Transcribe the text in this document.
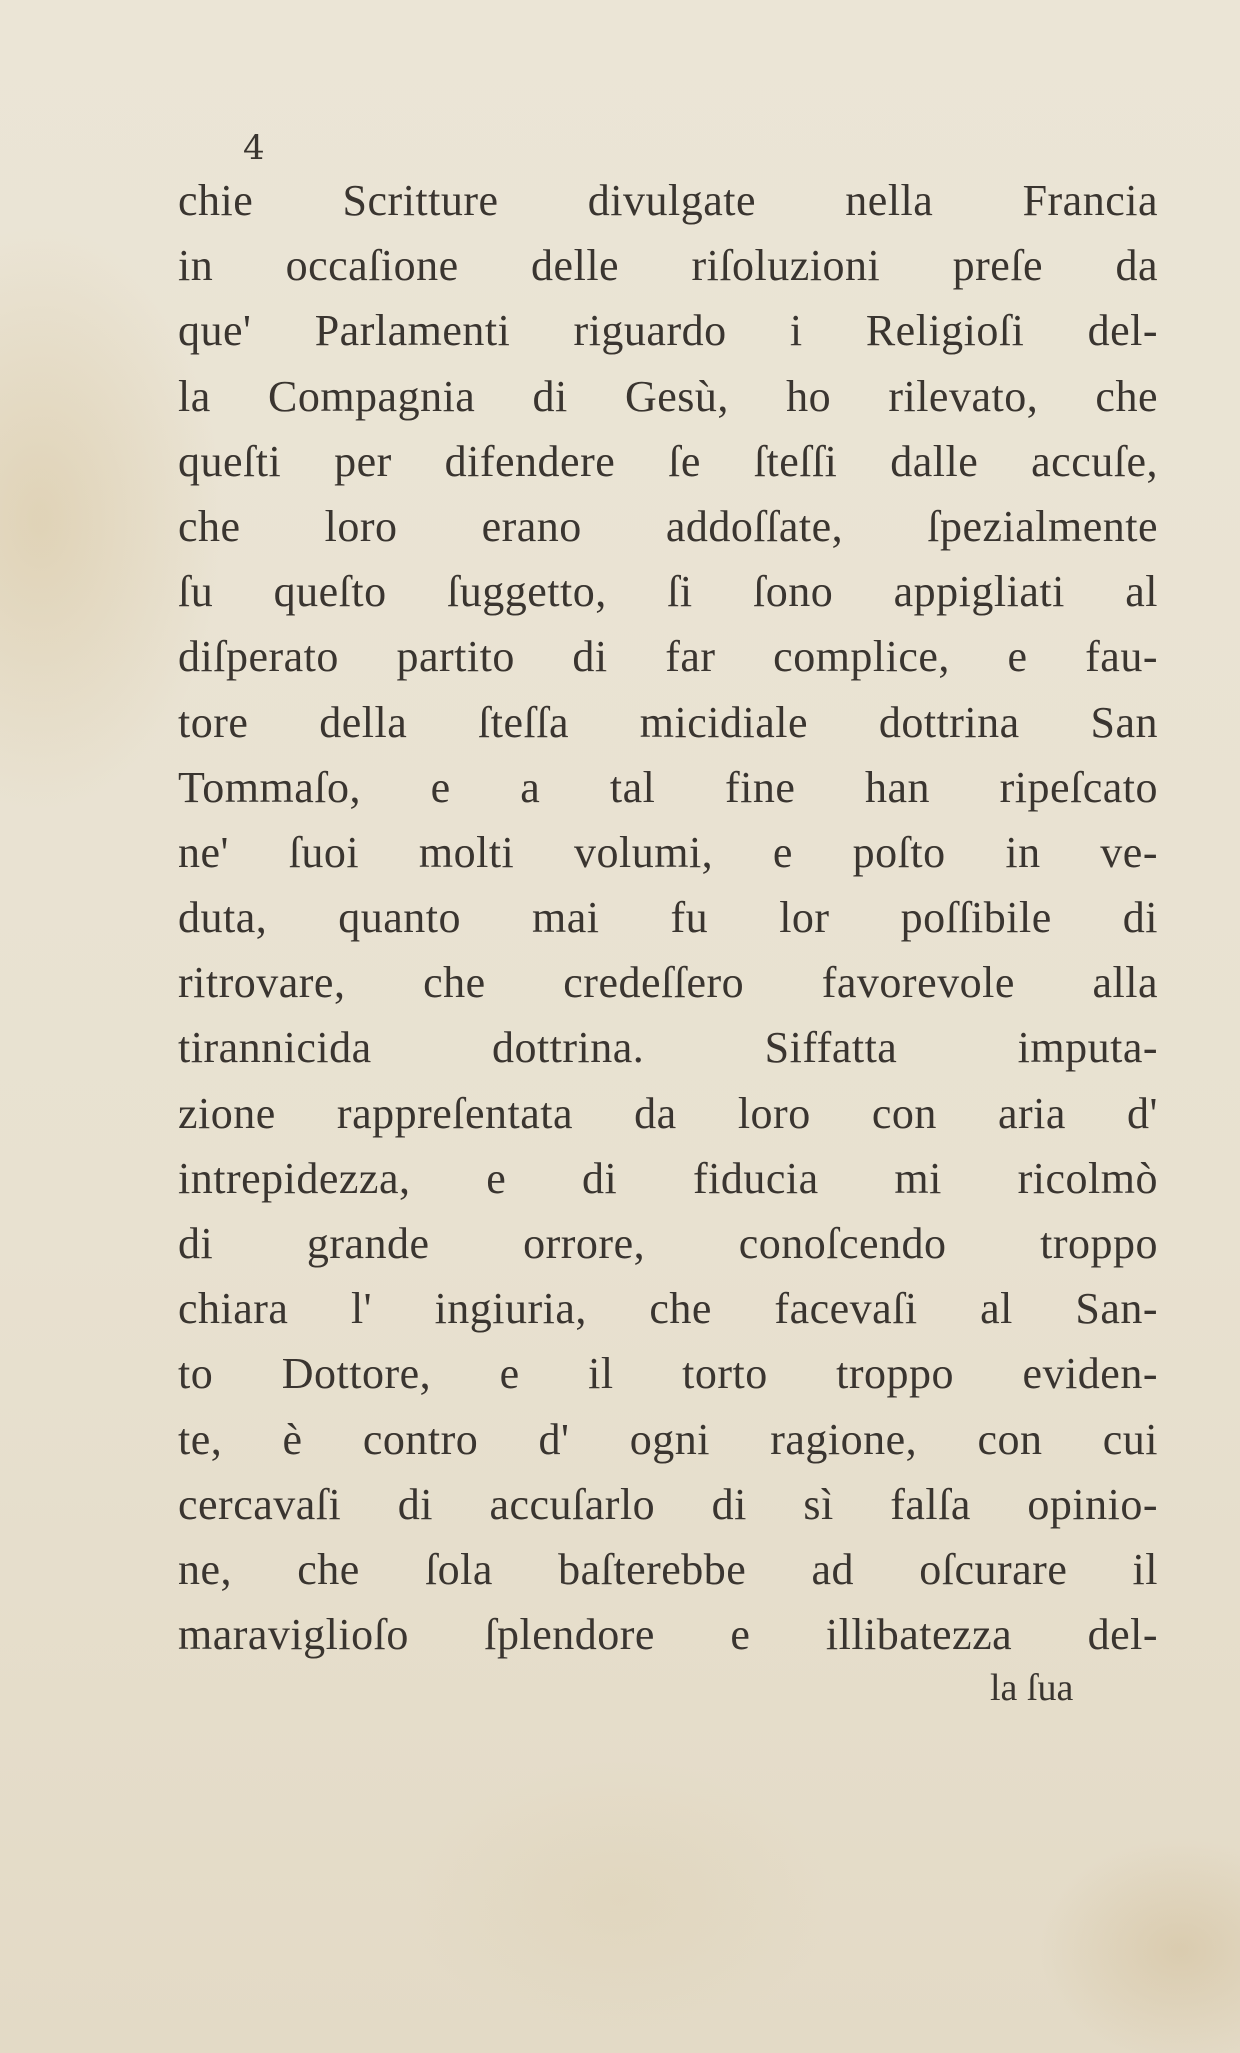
4
chie Scritture divulgate nella Francia
in occaſione delle riſoluzioni preſe da
que' Parlamenti riguardo i Religioſi del-
la Compagnia di Gesù, ho rilevato, che
queſti per difendere ſe ſteſſi dalle accuſe,
che loro erano addoſſate, ſpezialmente
ſu queſto ſuggetto, ſi ſono appigliati al
diſperato partito di far complice, e fau-
tore della ſteſſa micidiale dottrina San
Tommaſo, e a tal fine han ripeſcato
ne' ſuoi molti volumi, e poſto in ve-
duta, quanto mai fu lor poſſibile di
ritrovare, che credeſſero favorevole alla
tirannicida dottrina. Siffatta imputa-
zione rappreſentata da loro con aria d'
intrepidezza, e di fiducia mi ricolmò
di grande orrore, conoſcendo troppo
chiara l' ingiuria, che facevaſi al San-
to Dottore, e il torto troppo eviden-
te, è contro d' ogni ragione, con cui
cercavaſi di accuſarlo di sì falſa opinio-
ne, che ſola baſterebbe ad oſcurare il
maraviglioſo ſplendore e illibatezza del-
la ſua
